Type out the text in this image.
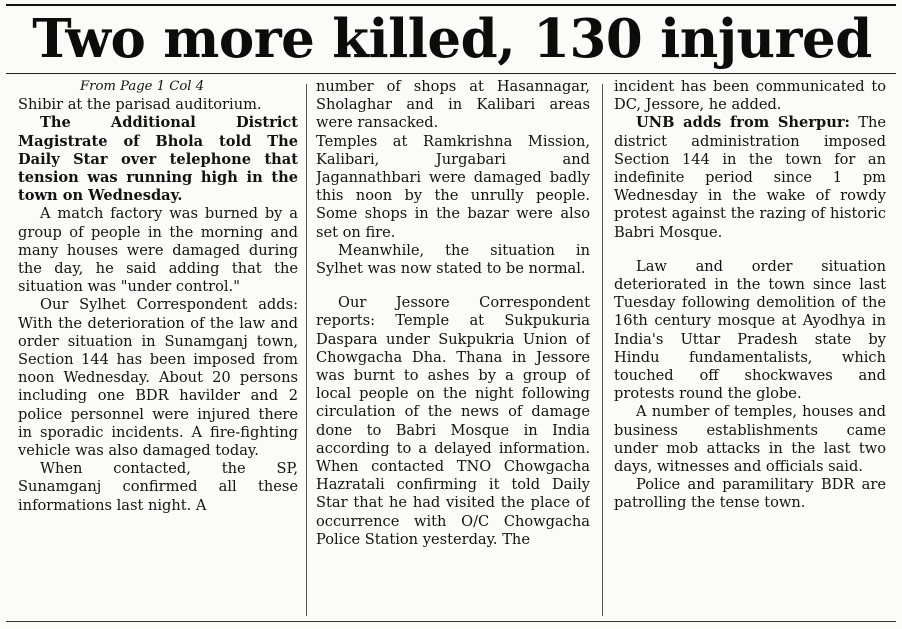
Two more killed, 130 injured

From Page 1 Col 4

Shibir at the parisad auditorium.

The Additional District Magistrate of Bhola told The Daily Star over telephone that tension was running high in the town on Wednesday.

A match factory was burned by a group of people in the morning and many houses were damaged during the day, he said adding that the situation was "under control."

Our Sylhet Correspondent adds: With the deterioration of the law and order situation in Sunamganj town, Section 144 has been imposed from noon Wednesday. About 20 persons including one BDR havilder and 2 police personnel were injured there in sporadic incidents. A fire-fighting vehicle was also damaged today.

When contacted, the SP, Sunamganj confirmed all these informations last night. A

number of shops at Hasannagar, Sholaghar and in Kalibari areas were ransacked.

Temples at Ramkrishna Mission, Kalibari, Jurgabari and Jagannathbari were damaged badly this noon by the unrully people. Some shops in the bazar were also set on fire.

Meanwhile, the situation in Sylhet was now stated to be normal.

Our Jessore Correspondent reports: Temple at Sukpukuria Daspara under Sukpukria Union of Chowgacha Dha. Thana in Jessore was burnt to ashes by a group of local people on the night following circulation of the news of damage done to Babri Mosque in India according to a delayed information. When contacted TNO Chowgacha Hazratali confirming it told Daily Star that he had visited the place of occurrence with O/C Chowgacha Police Station yesterday. The

incident has been communicated to DC, Jessore, he added.

UNB adds from Sherpur: The district administration imposed Section 144 in the town for an indefinite period since 1 pm Wednesday in the wake of rowdy protest against the razing of historic Babri Mosque.

Law and order situation deteriorated in the town since last Tuesday following demolition of the 16th century mosque at Ayodhya in India's Uttar Pradesh state by Hindu fundamentalists, which touched off shockwaves and protests round the globe.

A number of temples, houses and business establishments came under mob attacks in the last two days, witnesses and officials said.

Police and paramilitary BDR are patrolling the tense town.
